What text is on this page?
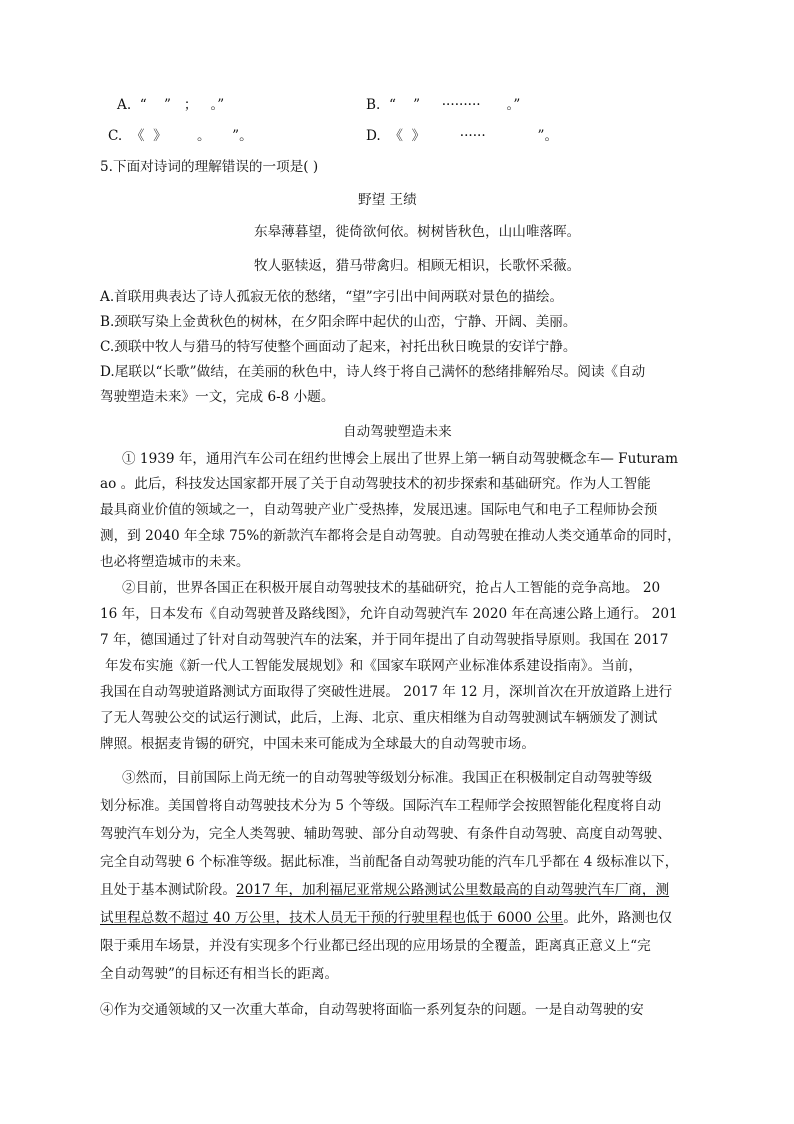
A.  “    ”   ；   。”	B.  “    ”     ·········      。”
C.  《  》       。     ”。	D.  《  》        ······            ”。
5.下面对诗词的理解错误的一项是( )
野望 王绩
东皋薄暮望，徙倚欲何依。树树皆秋色，山山唯落晖。
牧人驱犊返，猎马带禽归。相顾无相识，长歌怀采薇。
A.首联用典表达了诗人孤寂无依的愁绪，“望”字引出中间两联对景色的描绘。
B.颈联写染上金黄秋色的树林，在夕阳余晖中起伏的山峦，宁静、开阔、美丽。
C.颈联中牧人与猎马的特写使整个画面动了起来，衬托出秋日晚景的安详宁静。
D.尾联以“长歌”做结，在美丽的秋色中，诗人终于将自己满怀的愁绪排解殆尽。阅读《自动
驾驶塑造未来》一文，完成 6-8 小题。
自动驾驶塑造未来
① 1939 年，通用汽车公司在纽约世博会上展出了世界上第一辆自动驾驶概念车— Futuram
ao 。此后，科技发达国家都开展了关于自动驾驶技术的初步探索和基础研究。作为人工智能
最具商业价值的领域之一，自动驾驶产业广受热捧，发展迅速。国际电气和电子工程师协会预
测，到 2040 年全球 75%的新款汽车都将会是自动驾驶。自动驾驶在推动人类交通革命的同时，
也必将塑造城市的未来。
②目前，世界各国正在积极开展自动驾驶技术的基础研究，抢占人工智能的竞争高地。 20
16 年，日本发布《自动驾驶普及路线图》，允许自动驾驶汽车 2020 年在高速公路上通行。 201
7 年，德国通过了针对自动驾驶汽车的法案，并于同年提出了自动驾驶指导原则。我国在 2017
年发布实施《新一代人工智能发展规划》和《国家车联网产业标准体系建设指南》。当前，
我国在自动驾驶道路测试方面取得了突破性进展。 2017 年 12 月，深圳首次在开放道路上进行
了无人驾驶公交的试运行测试，此后，上海、北京、重庆相继为自动驾驶测试车辆颁发了测试
牌照。根据麦肯锡的研究，中国未来可能成为全球最大的自动驾驶市场。
③然而，目前国际上尚无统一的自动驾驶等级划分标准。我国正在积极制定自动驾驶等级
划分标准。美国曾将自动驾驶技术分为 5 个等级。国际汽车工程师学会按照智能化程度将自动
驾驶汽车划分为，完全人类驾驶、辅助驾驶、部分自动驾驶、有条件自动驾驶、高度自动驾驶、
完全自动驾驶 6 个标准等级。据此标准，当前配备自动驾驶功能的汽车几乎都在 4 级标准以下，
且处于基本测试阶段。2017 年，加利福尼亚常规公路测试公里数最高的自动驾驶汽车厂商，测
试里程总数不超过 40 万公里，技术人员无干预的行驶里程也低于 6000 公里。此外，路测也仅
限于乘用车场景，并没有实现多个行业都已经出现的应用场景的全覆盖，距离真正意义上“完
全自动驾驶”的目标还有相当长的距离。
④作为交通领域的又一次重大革命，自动驾驶将面临一系列复杂的问题。一是自动驾驶的安
